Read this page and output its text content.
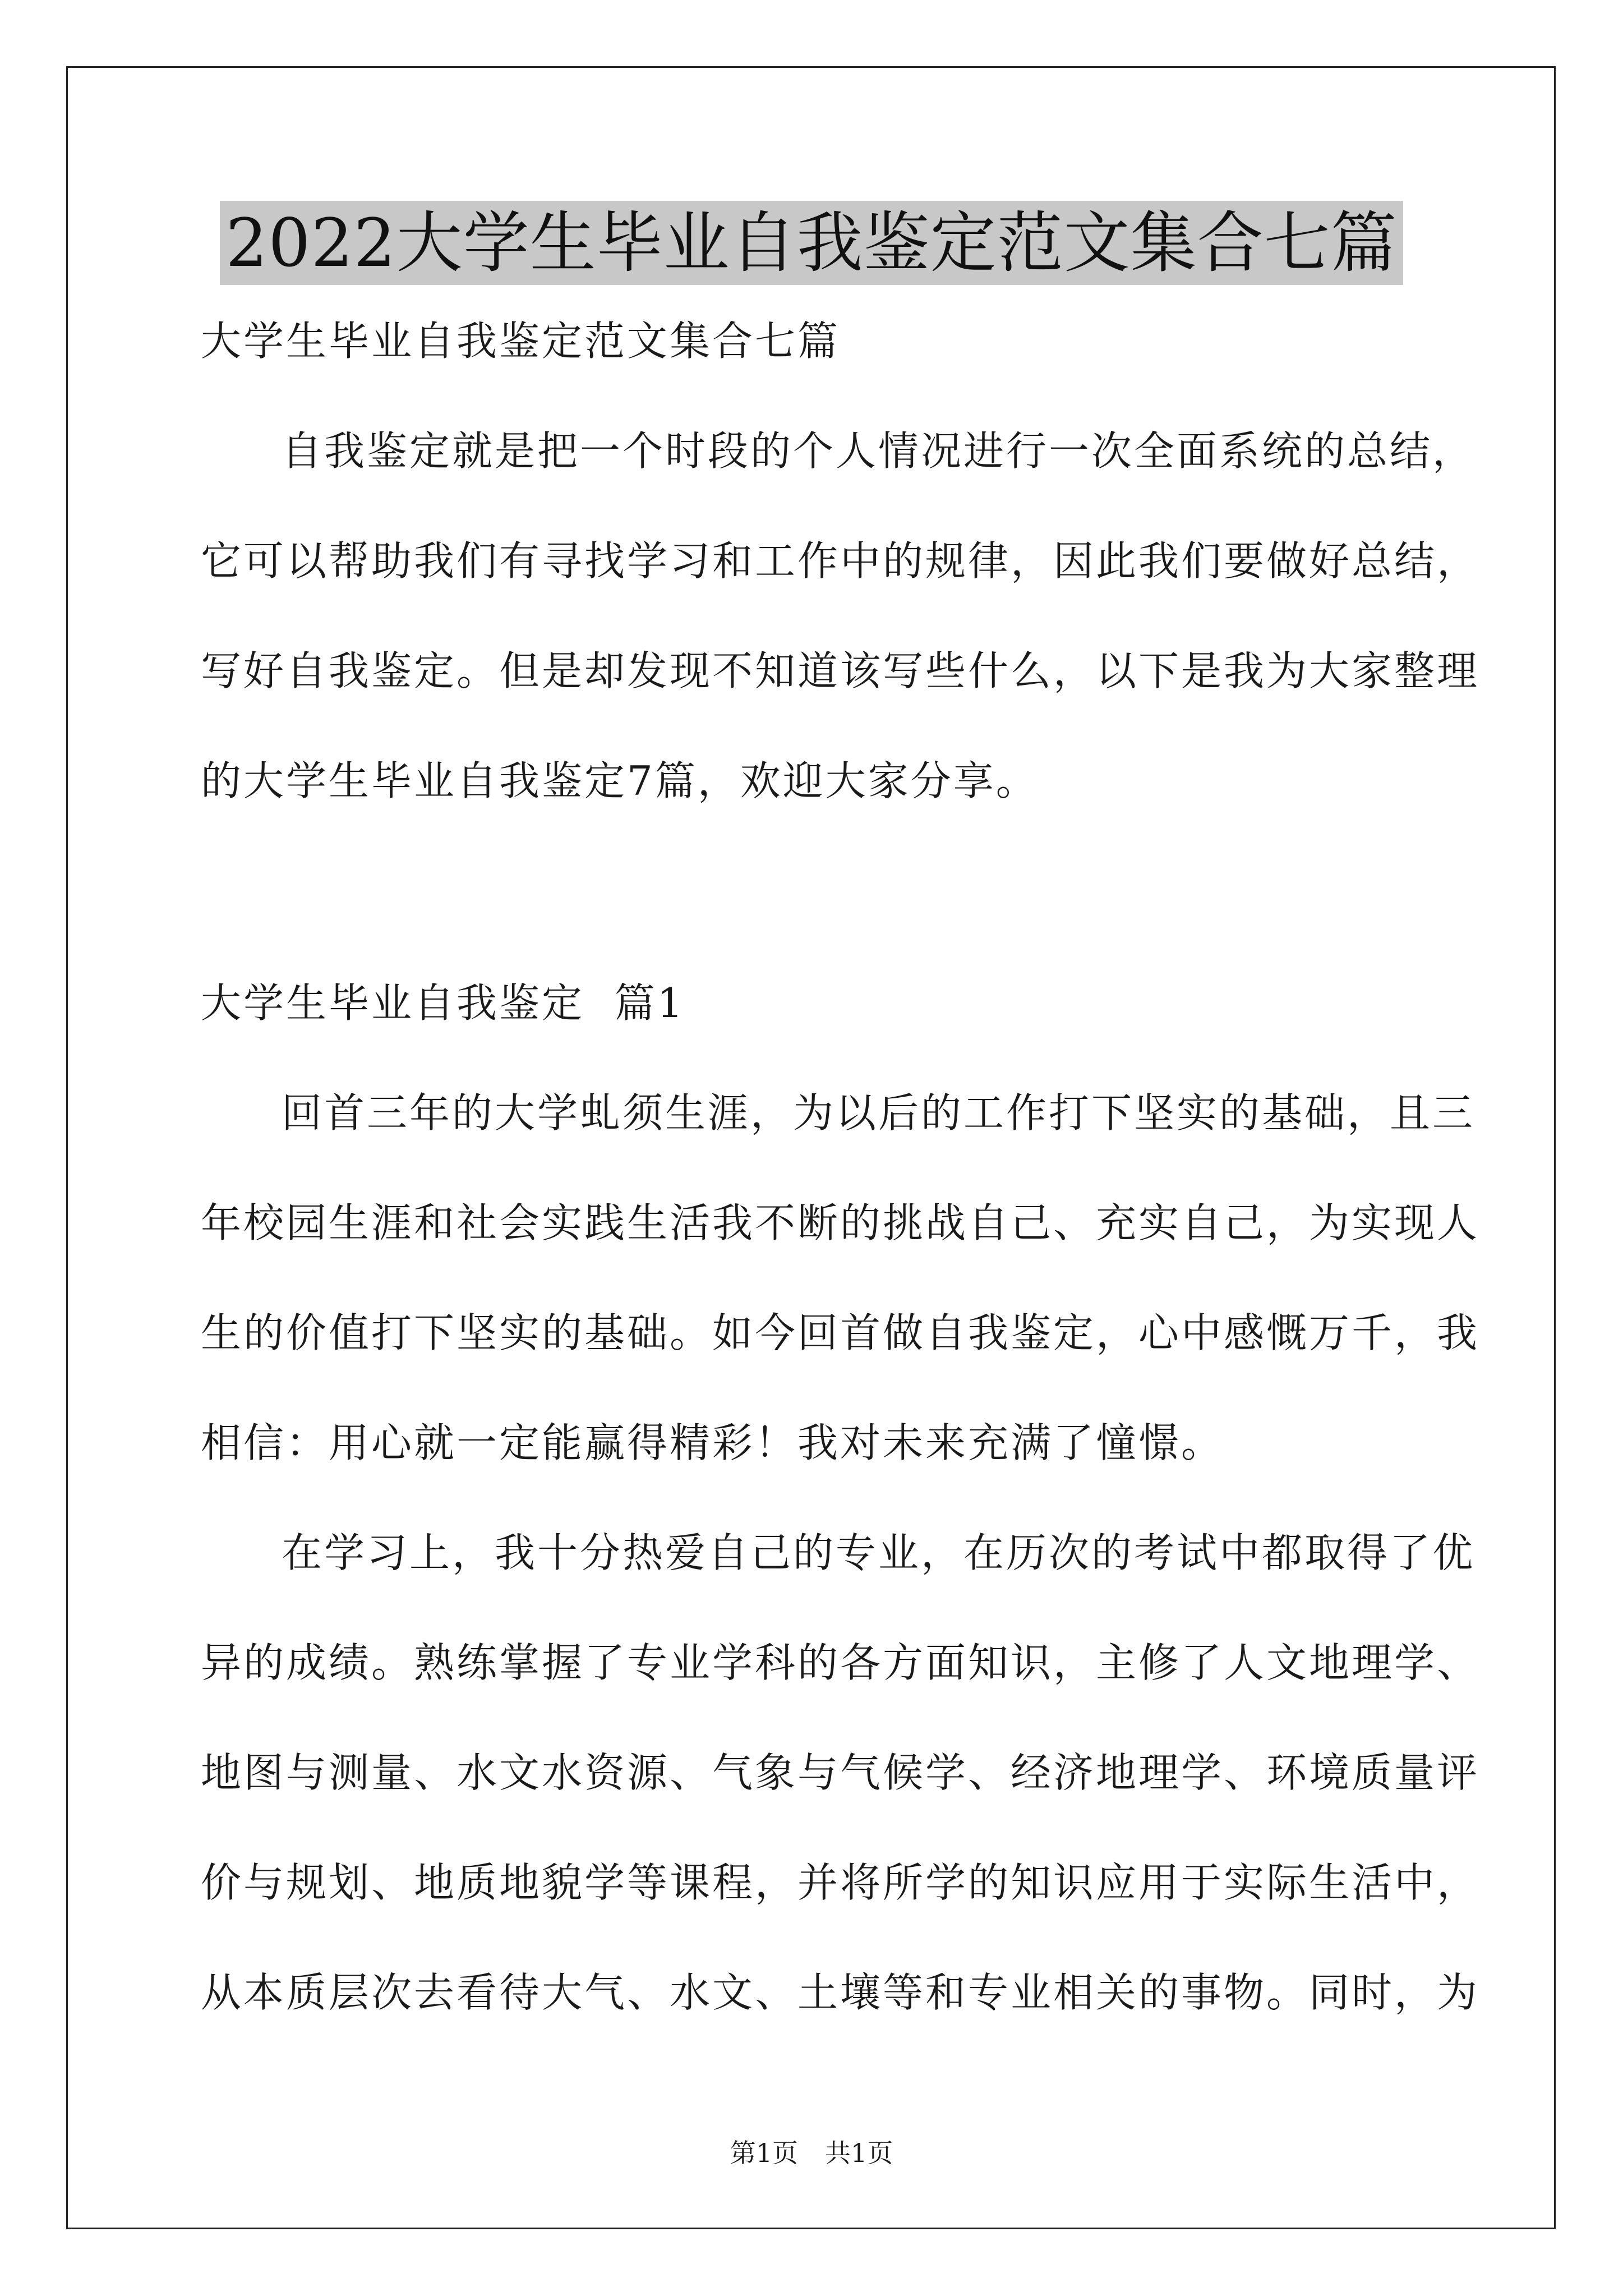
2022大学生毕业自我鉴定范文集合七篇
大学生毕业自我鉴定范文集合七篇
自我鉴定就是把一个时段的个人情况进行一次全面系统的总结，
它可以帮助我们有寻找学习和工作中的规律，因此我们要做好总结，
写好自我鉴定。但是却发现不知道该写些什么，以下是我为大家整理
的大学生毕业自我鉴定7篇，欢迎大家分享。
大学生毕业自我鉴定  篇1
回首三年的大学虬须生涯，为以后的工作打下坚实的基础，且三
年校园生涯和社会实践生活我不断的挑战自己、充实自己，为实现人
生的价值打下坚实的基础。如今回首做自我鉴定，心中感慨万千，我
相信：用心就一定能赢得精彩！我对未来充满了憧憬。
在学习上，我十分热爱自己的专业，在历次的考试中都取得了优
异的成绩。熟练掌握了专业学科的各方面知识，主修了人文地理学、
地图与测量、水文水资源、气象与气候学、经济地理学、环境质量评
价与规划、地质地貌学等课程，并将所学的知识应用于实际生活中，
从本质层次去看待大气、水文、土壤等和专业相关的事物。同时，为
第1页 共1页
